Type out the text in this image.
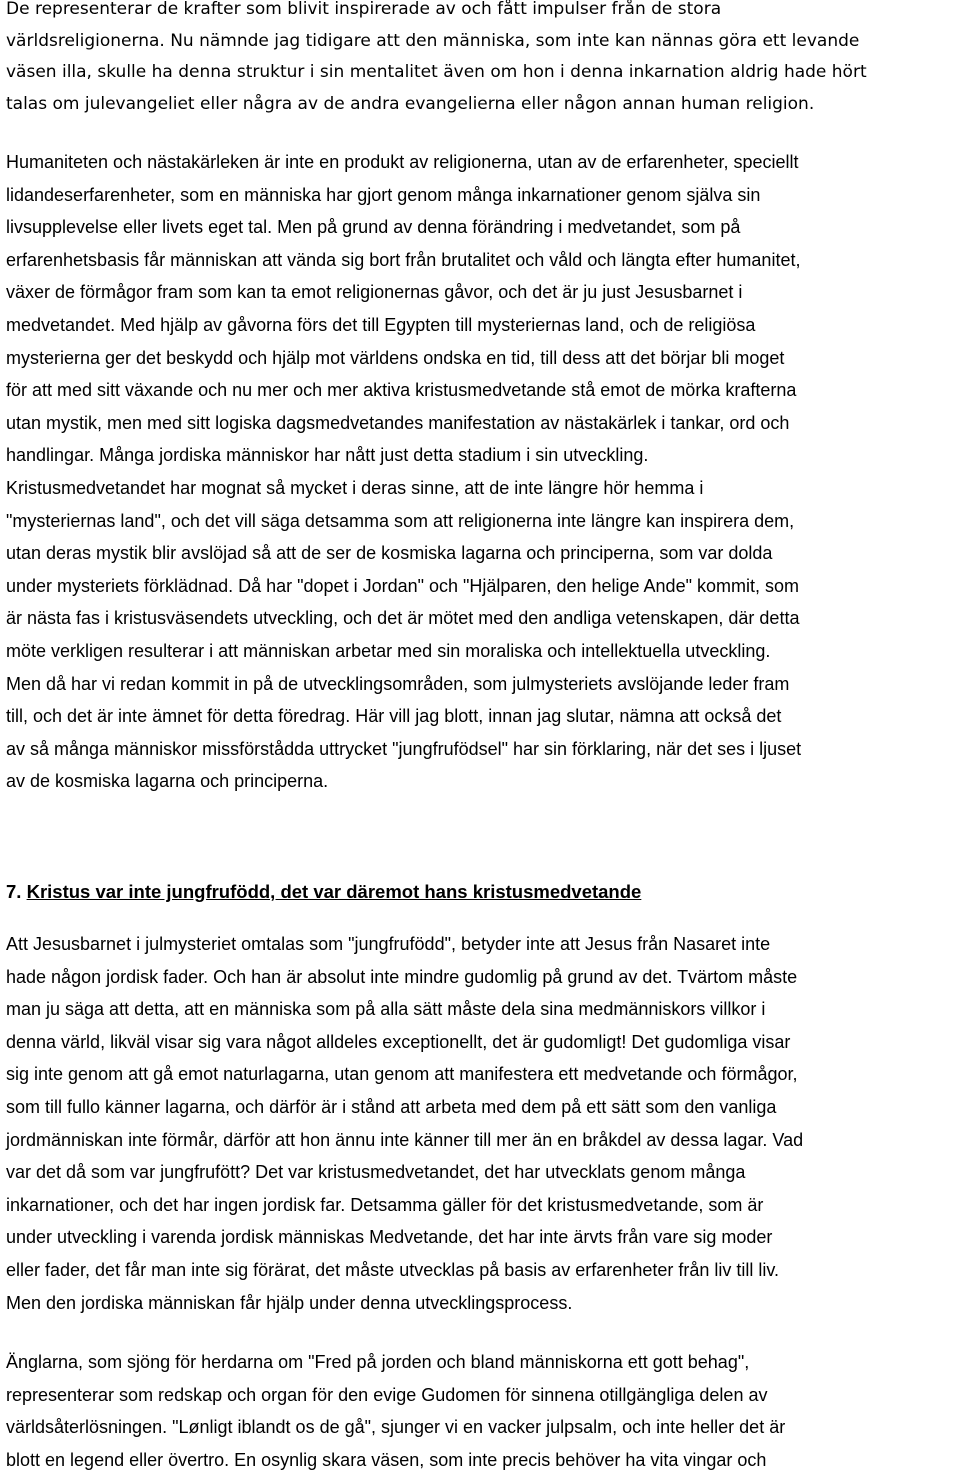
De representerar de krafter som blivit inspirerade av och fått impulser från de stora
världsreligionerna. Nu nämnde jag tidigare att den människa, som inte kan nännas göra ett levande
väsen illa, skulle ha denna struktur i sin mentalitet även om hon i denna inkarnation aldrig hade hört
talas om julevangeliet eller några av de andra evangelierna eller någon annan human religion.

Humaniteten och nästakärleken är inte en produkt av religionerna, utan av de erfarenheter, speciellt
lidandeserfarenheter, som en människa har gjort genom många inkarnationer genom själva sin
livsupplevelse eller livets eget tal. Men på grund av denna förändring i medvetandet, som på
erfarenhetsbasis får människan att vända sig bort från brutalitet och våld och längta efter humanitet,
växer de förmågor fram som kan ta emot religionernas gåvor, och det är ju just Jesusbarnet i
medvetandet. Med hjälp av gåvorna förs det till Egypten till mysteriernas land, och de religiösa
mysterierna ger det beskydd och hjälp mot världens ondska en tid, till dess att det börjar bli moget
för att med sitt växande och nu mer och mer aktiva kristusmedvetande stå emot de mörka krafterna
utan mystik, men med sitt logiska dagsmedvetandes manifestation av nästakärlek i tankar, ord och
handlingar. Många jordiska människor har nått just detta stadium i sin utveckling.
Kristusmedvetandet har mognat så mycket i deras sinne, att de inte längre hör hemma i
"mysteriernas land", och det vill säga detsamma som att religionerna inte längre kan inspirera dem,
utan deras mystik blir avslöjad så att de ser de kosmiska lagarna och principerna, som var dolda
under mysteriets förklädnad. Då har "dopet i Jordan" och "Hjälparen, den helige Ande" kommit, som
är nästa fas i kristusväsendets utveckling, och det är mötet med den andliga vetenskapen, där detta
möte verkligen resulterar i att människan arbetar med sin moraliska och intellektuella utveckling.
Men då har vi redan kommit in på de utvecklingsområden, som julmysteriets avslöjande leder fram
till, och det är inte ämnet för detta föredrag. Här vill jag blott, innan jag slutar, nämna att också det
av så många människor missförstådda uttrycket "jungfrufödsel" har sin förklaring, när det ses i ljuset
av de kosmiska lagarna och principerna.

7. Kristus var inte jungfrufödd, det var däremot hans kristusmedvetande

Att Jesusbarnet i julmysteriet omtalas som "jungfrufödd", betyder inte att Jesus från Nasaret inte
hade någon jordisk fader. Och han är absolut inte mindre gudomlig på grund av det. Tvärtom måste
man ju säga att detta, att en människa som på alla sätt måste dela sina medmänniskors villkor i
denna värld, likväl visar sig vara något alldeles exceptionellt, det är gudomligt! Det gudomliga visar
sig inte genom att gå emot naturlagarna, utan genom att manifestera ett medvetande och förmågor,
som till fullo känner lagarna, och därför är i stånd att arbeta med dem på ett sätt som den vanliga
jordmänniskan inte förmår, därför att hon ännu inte känner till mer än en bråkdel av dessa lagar. Vad
var det då som var jungfrufött? Det var kristusmedvetandet, det har utvecklats genom många
inkarnationer, och det har ingen jordisk far. Detsamma gäller för det kristusmedvetande, som är
under utveckling i varenda jordisk människas Medvetande, det har inte ärvts från vare sig moder
eller fader, det får man inte sig förärat, det måste utvecklas på basis av erfarenheter från liv till liv.
Men den jordiska människan får hjälp under denna utvecklingsprocess.

Änglarna, som sjöng för herdarna om "Fred på jorden och bland människorna ett gott behag",
representerar som redskap och organ för den evige Gudomen för sinnena otillgängliga delen av
världsåterlösningen. "Lønligt iblandt os de gå", sjunger vi en vacker julpsalm, och inte heller det är
blott en legend eller övertro. En osynlig skara väsen, som inte precis behöver ha vita vingar och
